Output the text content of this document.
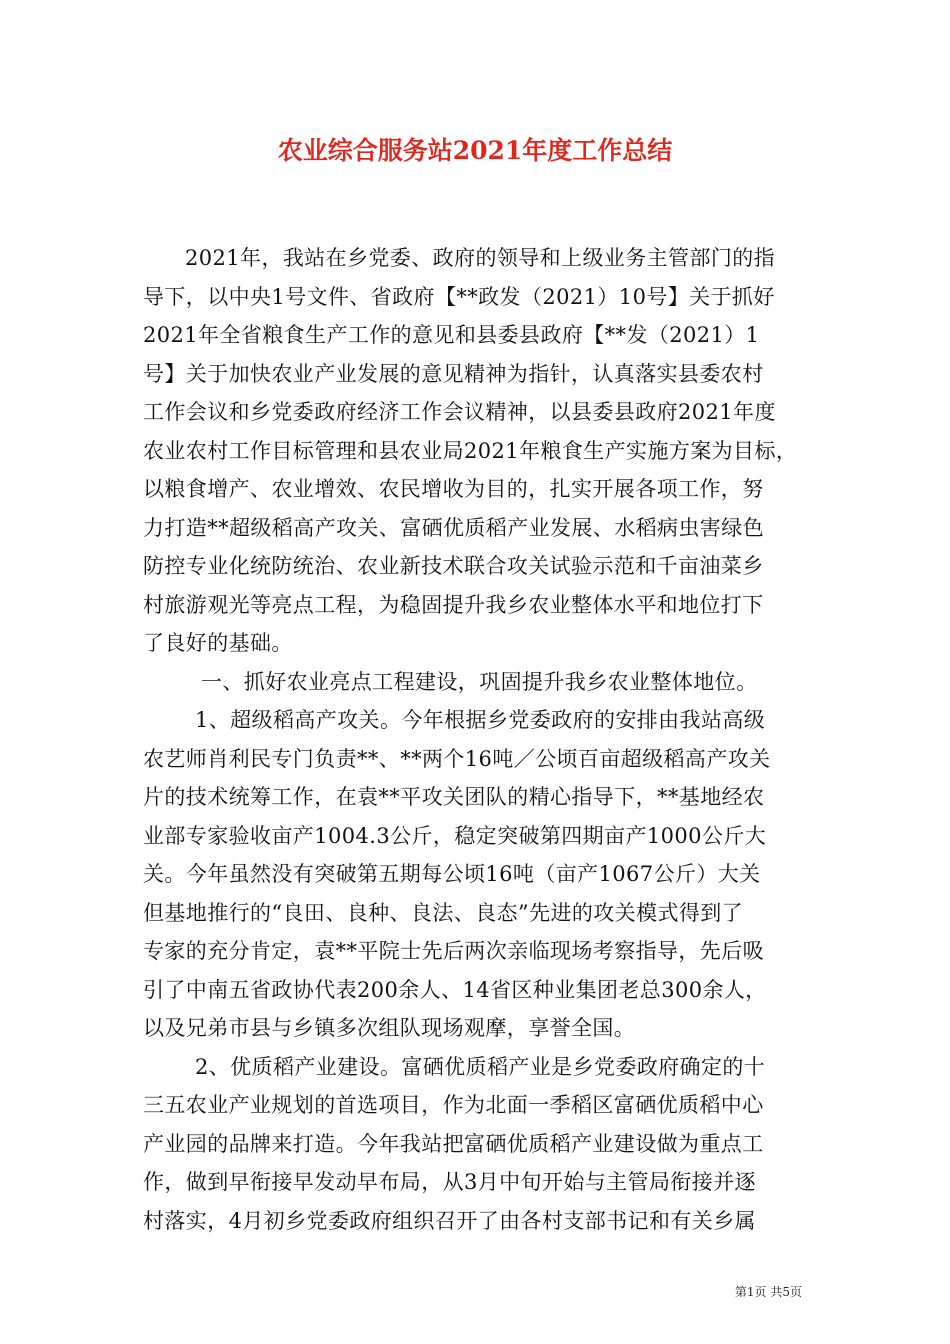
农业综合服务站2021年度工作总结
2021年，我站在乡党委、政府的领导和上级业务主管部门的指
导下，以中央1号文件、省政府【**政发（2021）10号】关于抓好
2021年全省粮食生产工作的意见和县委县政府【**发（2021）1
号】关于加快农业产业发展的意见精神为指针，认真落实县委农村
工作会议和乡党委政府经济工作会议精神，以县委县政府2021年度
农业农村工作目标管理和县农业局2021年粮食生产实施方案为目标，
以粮食增产、农业增效、农民增收为目的，扎实开展各项工作，努
力打造**超级稻高产攻关、富硒优质稻产业发展、水稻病虫害绿色
防控专业化统防统治、农业新技术联合攻关试验示范和千亩油菜乡
村旅游观光等亮点工程，为稳固提升我乡农业整体水平和地位打下
了良好的基础。
一、抓好农业亮点工程建设，巩固提升我乡农业整体地位。
1、超级稻高产攻关。今年根据乡党委政府的安排由我站高级
农艺师肖利民专门负责**、**两个16吨／公顷百亩超级稻高产攻关
片的技术统筹工作，在袁**平攻关团队的精心指导下，**基地经农
业部专家验收亩产1004.3公斤，稳定突破第四期亩产1000公斤大
关。今年虽然没有突破第五期每公顷16吨（亩产1067公斤）大关
但基地推行的“良田、良种、良法、良态”先进的攻关模式得到了
专家的充分肯定，袁**平院士先后两次亲临现场考察指导，先后吸
引了中南五省政协代表200余人、14省区种业集团老总300余人，
以及兄弟市县与乡镇多次组队现场观摩，享誉全国。
2、优质稻产业建设。富硒优质稻产业是乡党委政府确定的十
三五农业产业规划的首选项目，作为北面一季稻区富硒优质稻中心
产业园的品牌来打造。今年我站把富硒优质稻产业建设做为重点工
作，做到早衔接早发动早布局，从3月中旬开始与主管局衔接并逐
村落实，4月初乡党委政府组织召开了由各村支部书记和有关乡属
第1页 共5页
